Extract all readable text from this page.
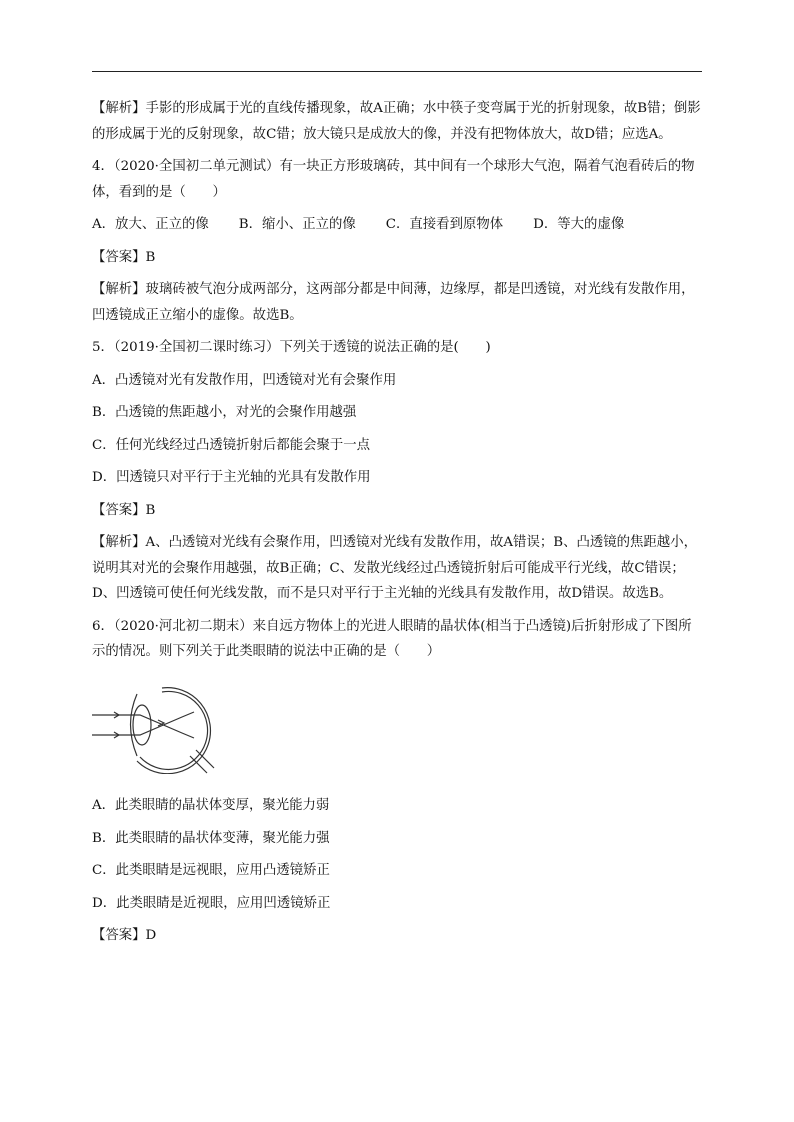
【解析】手影的形成属于光的直线传播现象，故A正确；水中筷子变弯属于光的折射现象，故B错；倒影的形成属于光的反射现象，故C错；放大镜只是成放大的像，并没有把物体放大，故D错；应选A。

4．（2020·全国初二单元测试）有一块正方形玻璃砖，其中间有一个球形大气泡，隔着气泡看砖后的物体，看到的是（　　）

A．放大、正立的像 B．缩小、正立的像 C．直接看到原物体 D．等大的虚像

【答案】B

【解析】玻璃砖被气泡分成两部分，这两部分都是中间薄，边缘厚，都是凹透镜，对光线有发散作用，凹透镜成正立缩小的虚像。故选B。

5．（2019·全国初二课时练习）下列关于透镜的说法正确的是(　　)

A．凸透镜对光有发散作用，凹透镜对光有会聚作用

B．凸透镜的焦距越小，对光的会聚作用越强

C．任何光线经过凸透镜折射后都能会聚于一点

D．凹透镜只对平行于主光轴的光具有发散作用

【答案】B

【解析】A、凸透镜对光线有会聚作用，凹透镜对光线有发散作用，故A错误；B、凸透镜的焦距越小，说明其对光的会聚作用越强，故B正确；C、发散光线经过凸透镜折射后可能成平行光线，故C错误；D、凹透镜可使任何光线发散，而不是只对平行于主光轴的光线具有发散作用，故D错误。故选B。

6．（2020·河北初二期末）来自远方物体上的光进人眼睛的晶状体(相当于凸透镜)后折射形成了下图所示的情况。则下列关于此类眼睛的说法中正确的是（　　）

A．此类眼睛的晶状体变厚，聚光能力弱

B．此类眼睛的晶状体变薄，聚光能力强

C．此类眼睛是远视眼，应用凸透镜矫正

D．此类眼睛是近视眼，应用凹透镜矫正

【答案】D
